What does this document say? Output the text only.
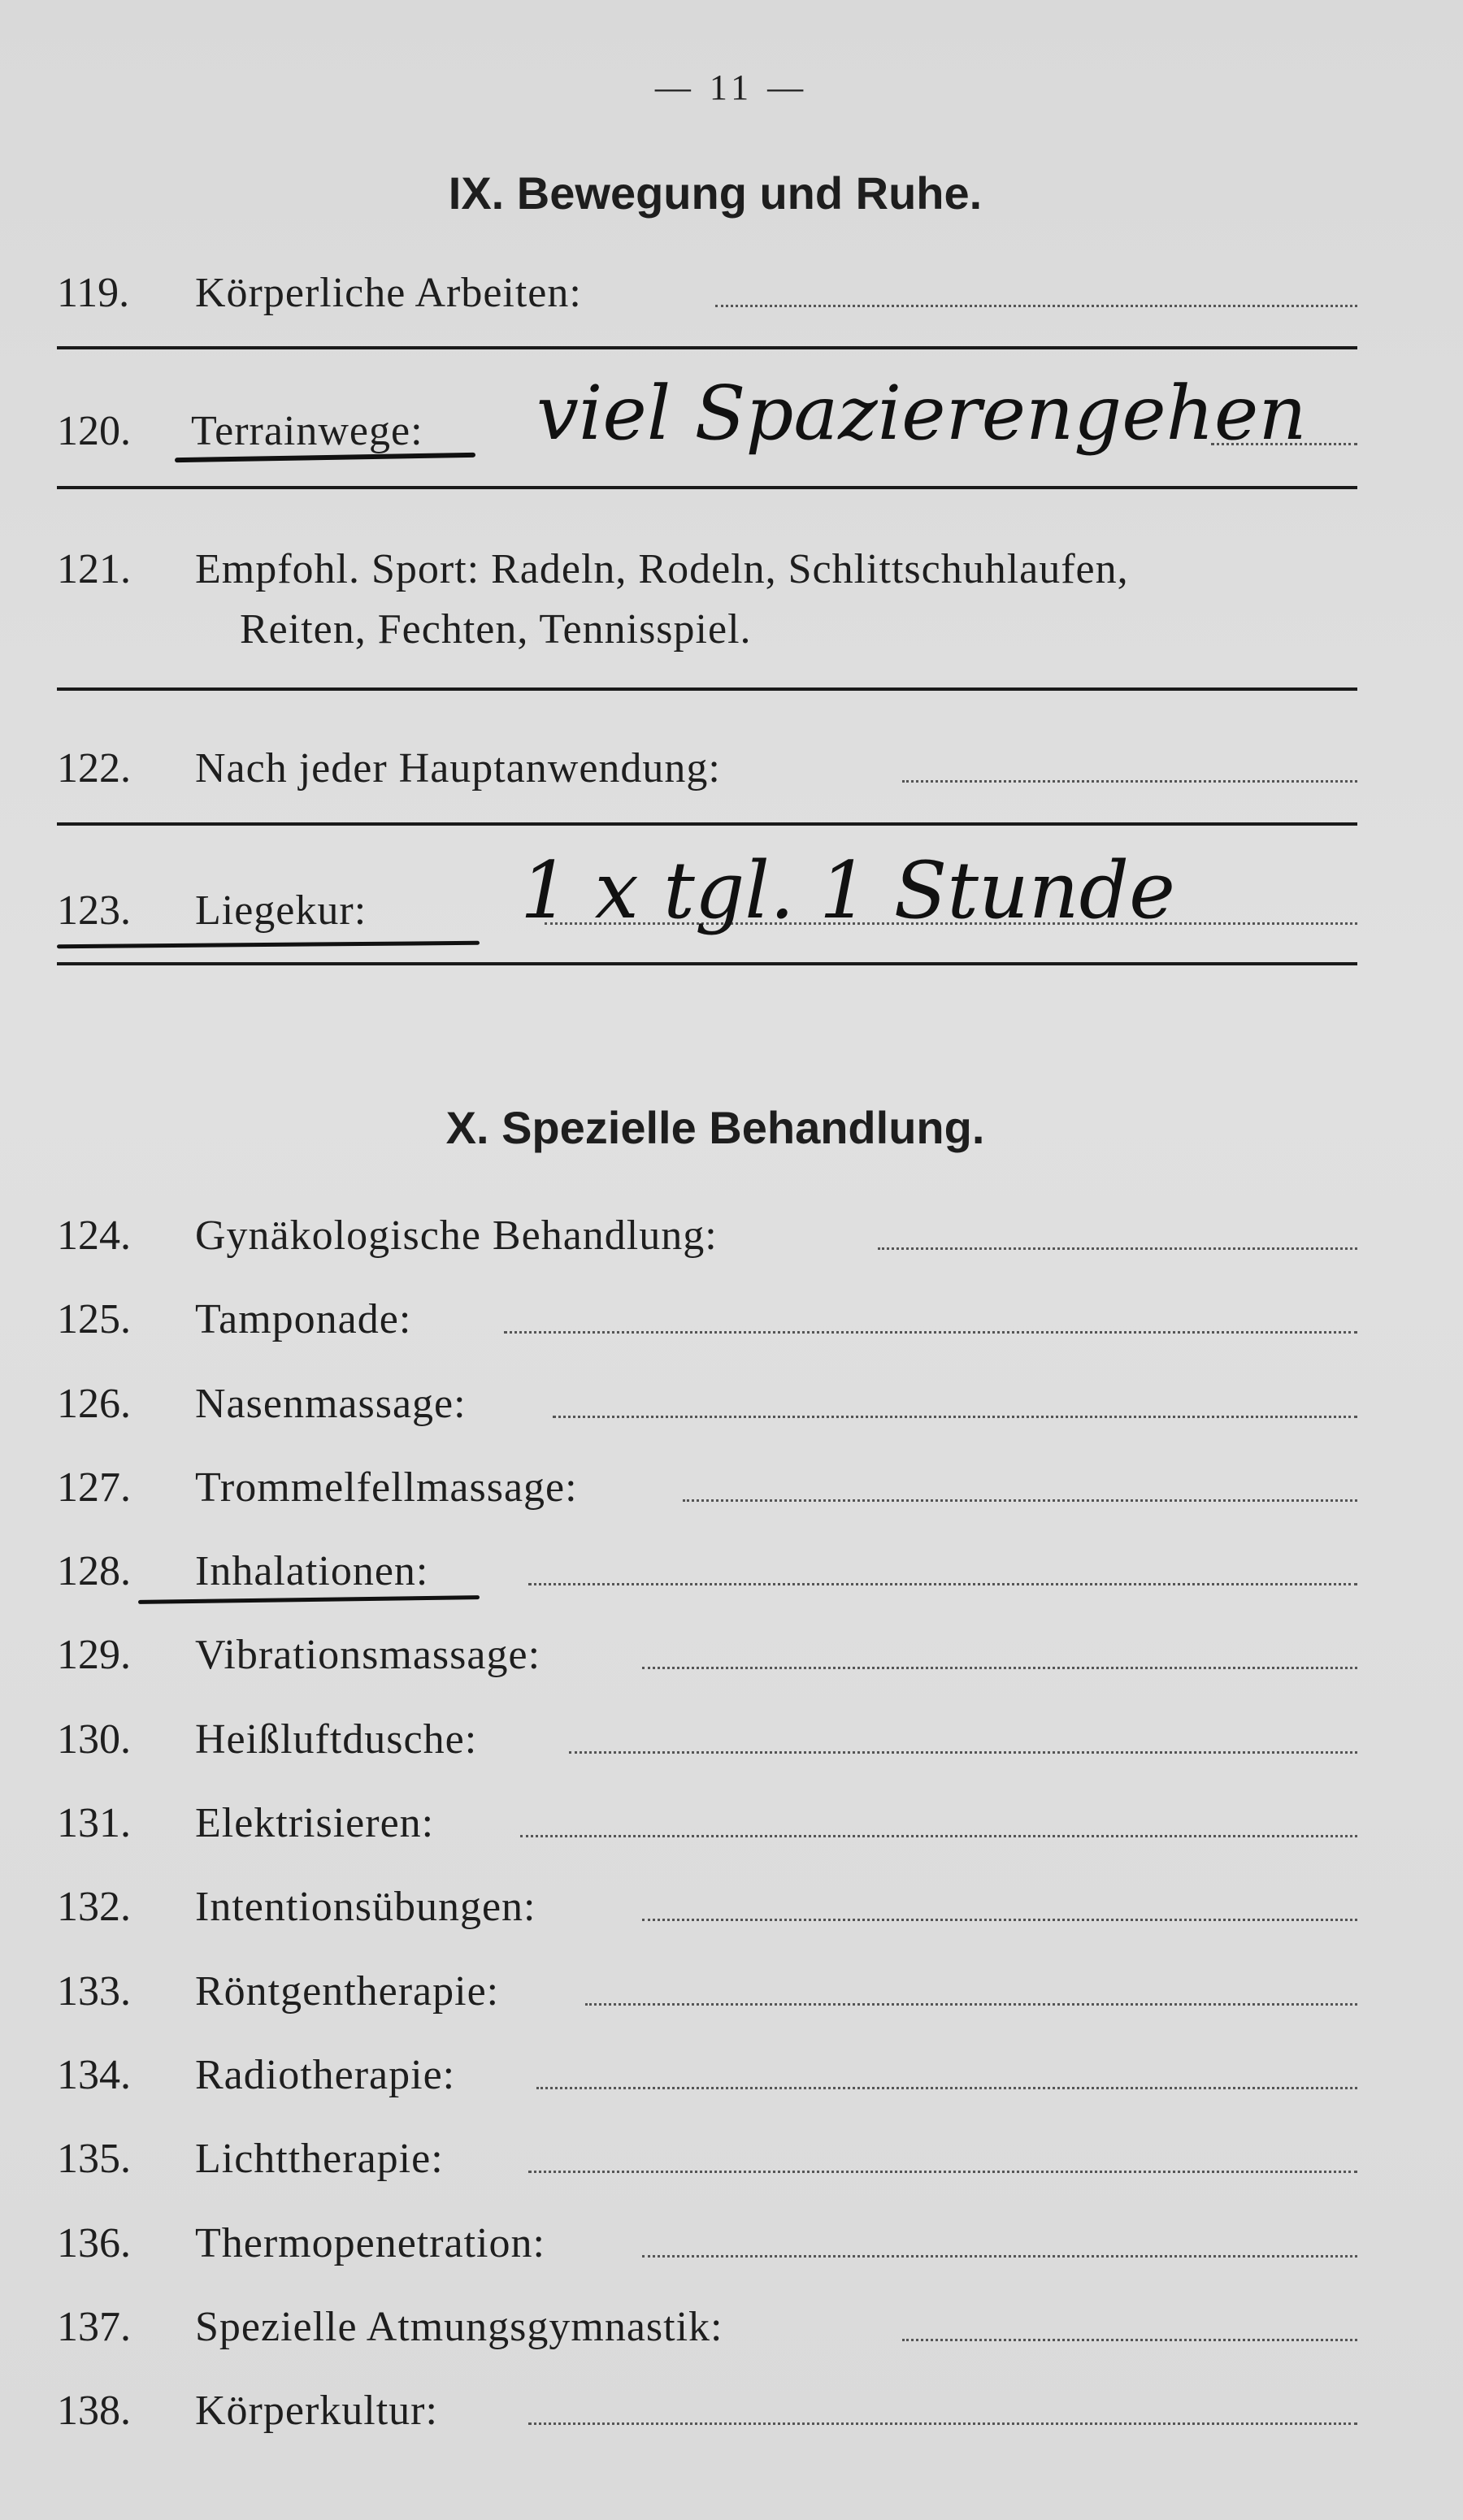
— 11 —
IX. Bewegung und Ruhe.
119. Körperliche Arbeiten:
120. Terrainwege: viel Spazierengehen
121. Empfohl. Sport: Radeln, Rodeln, Schlittschuhlaufen,
Reiten, Fechten, Tennisspiel.
122. Nach jeder Hauptanwendung:
123. Liegekur: 1 x tgl. 1 Stunde
X. Spezielle Behandlung.
124. Gynäkologische Behandlung:
125. Tamponade:
126. Nasenmassage:
127. Trommelfellmassage:
128. Inhalationen:
129. Vibrationsmassage:
130. Heißluftdusche:
131. Elektrisieren:
132. Intentionsübungen:
133. Röntgentherapie:
134. Radiotherapie:
135. Lichttherapie:
136. Thermopenetration:
137. Spezielle Atmungsgymnastik:
138. Körperkultur:
